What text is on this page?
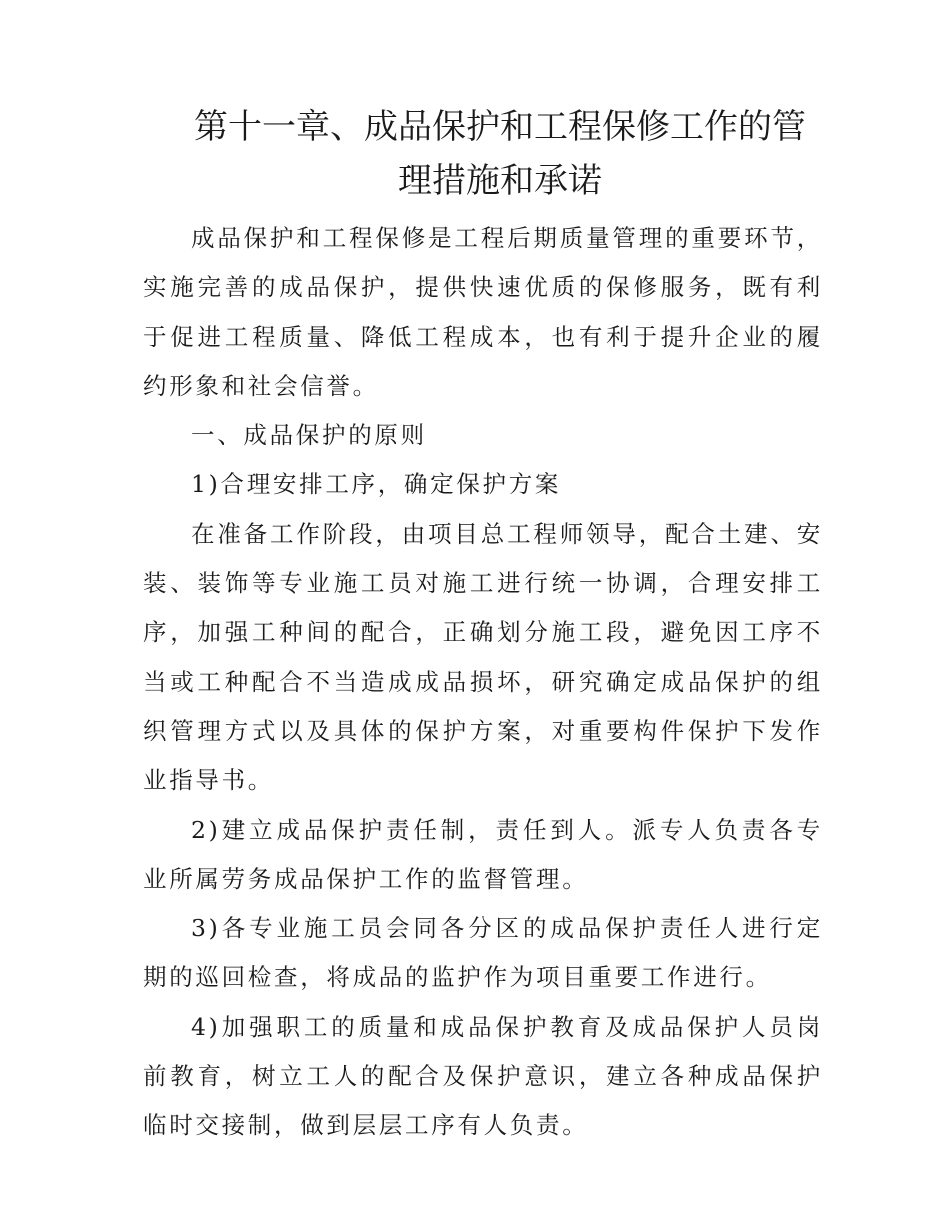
第十一章、成品保护和工程保修工作的管
理措施和承诺

成品保护和工程保修是工程后期质量管理的重要环节，实施完善的成品保护，提供快速优质的保修服务，既有利于促进工程质量、降低工程成本，也有利于提升企业的履约形象和社会信誉。

一、成品保护的原则

1)合理安排工序，确定保护方案

在准备工作阶段，由项目总工程师领导，配合土建、安装、装饰等专业施工员对施工进行统一协调，合理安排工序，加强工种间的配合，正确划分施工段，避免因工序不当或工种配合不当造成成品损坏，研究确定成品保护的组织管理方式以及具体的保护方案，对重要构件保护下发作业指导书。

2)建立成品保护责任制，责任到人。派专人负责各专业所属劳务成品保护工作的监督管理。

3)各专业施工员会同各分区的成品保护责任人进行定期的巡回检查，将成品的监护作为项目重要工作进行。

4)加强职工的质量和成品保护教育及成品保护人员岗前教育，树立工人的配合及保护意识，建立各种成品保护临时交接制，做到层层工序有人负责。
